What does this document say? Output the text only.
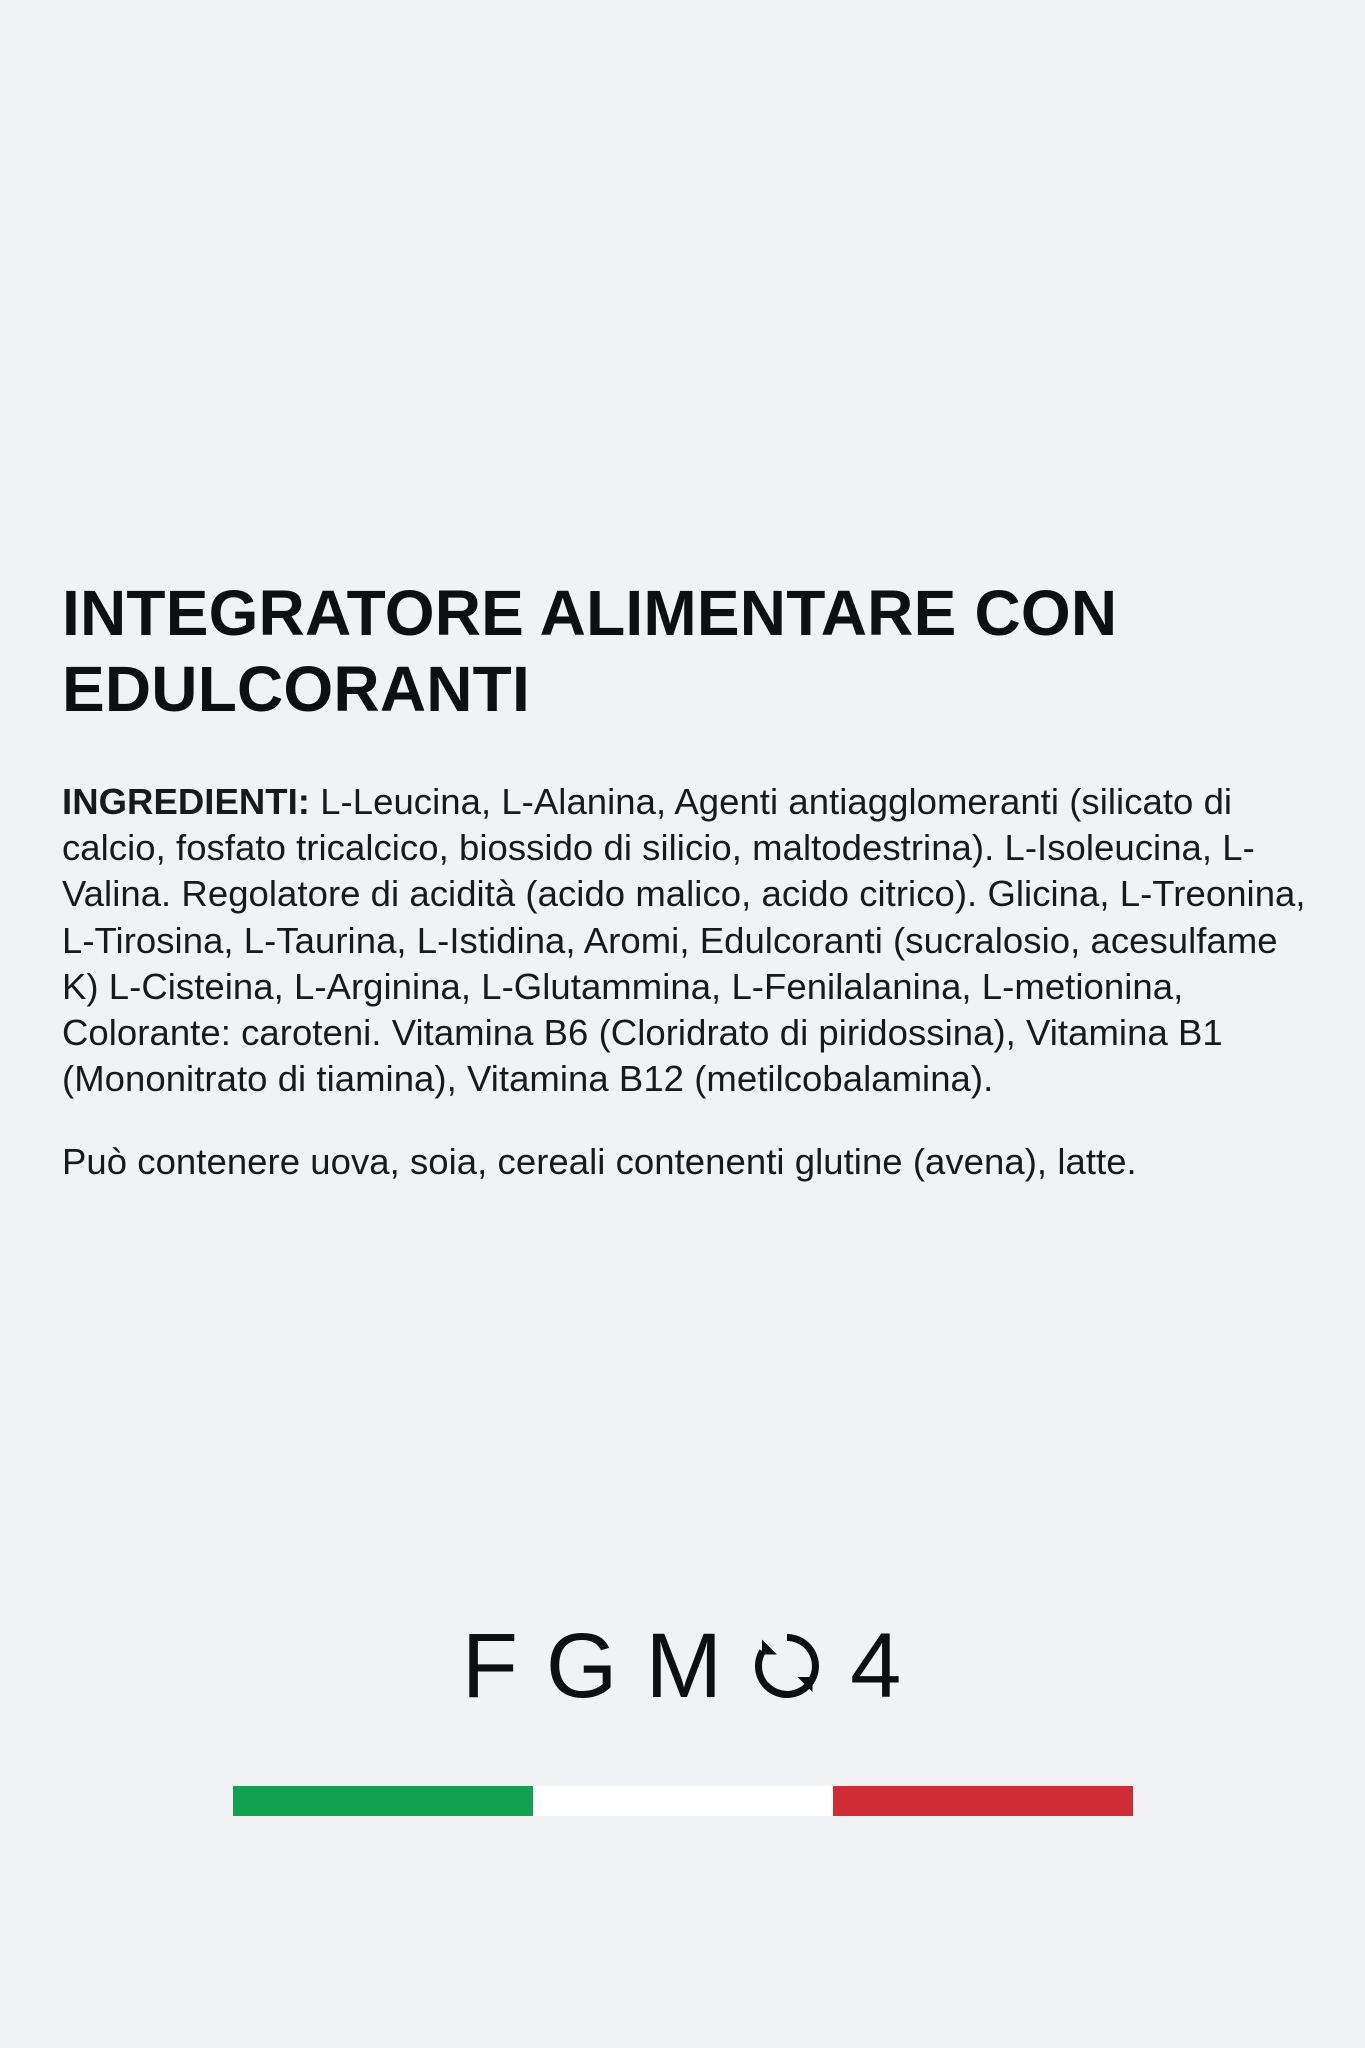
INTEGRATORE ALIMENTARE CON EDULCORANTI

INGREDIENTI: L-Leucina, L-Alanina, Agenti antiagglomeranti (silicato di calcio, fosfato tricalcico, biossido di silicio, maltodestrina). L-Isoleucina, L-Valina. Regolatore di acidità (acido malico, acido citrico). Glicina, L-Treonina, L-Tirosina, L-Taurina, L-Istidina, Aromi, Edulcoranti (sucralosio, acesulfame K) L-Cisteina, L-Arginina, L-Glutammina, L-Fenilalanina, L-metionina, Colorante: caroteni. Vitamina B6 (Cloridrato di piridossina), Vitamina B1 (Mononitrato di tiamina), Vitamina B12 (metilcobalamina).

Può contenere uova, soia, cereali contenenti glutine (avena), latte.

F G M 4
